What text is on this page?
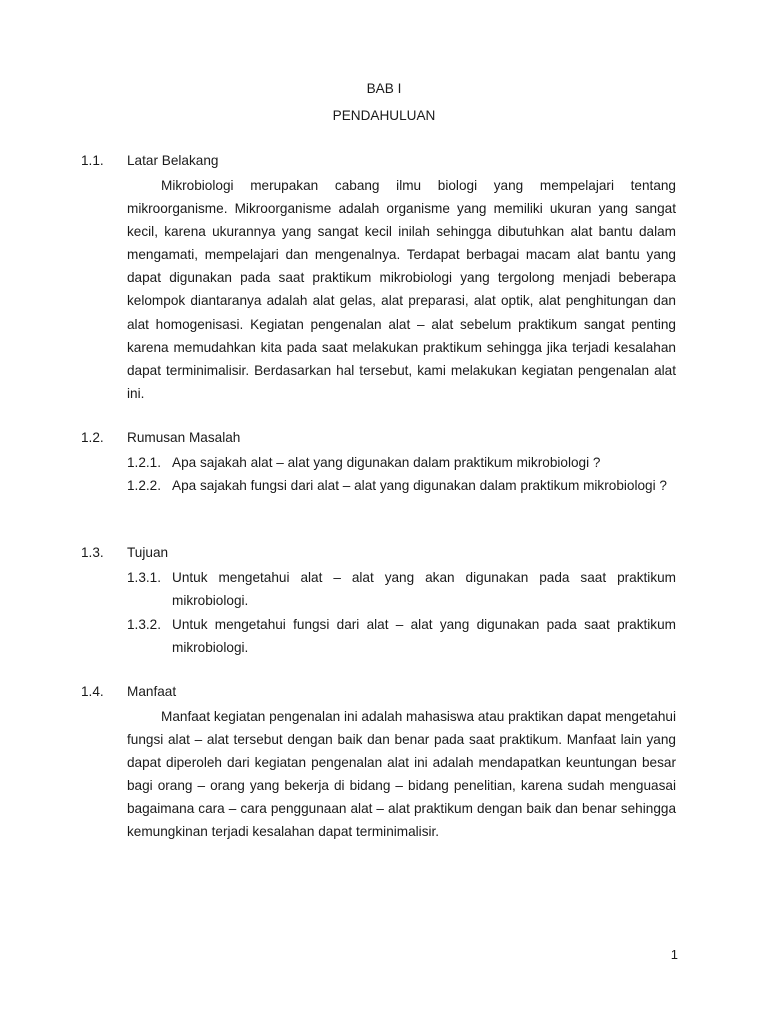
BAB I
PENDAHULUAN
1.1. Latar Belakang
Mikrobiologi merupakan cabang ilmu biologi yang mempelajari tentang mikroorganisme. Mikroorganisme adalah organisme yang memiliki ukuran yang sangat kecil, karena ukurannya yang sangat kecil inilah sehingga dibutuhkan alat bantu dalam mengamati, mempelajari dan mengenalnya. Terdapat berbagai macam alat bantu yang dapat digunakan pada saat praktikum mikrobiologi yang tergolong menjadi beberapa kelompok diantaranya adalah alat gelas, alat preparasi, alat optik, alat penghitungan dan alat homogenisasi. Kegiatan pengenalan alat – alat sebelum praktikum sangat penting karena memudahkan kita pada saat melakukan praktikum sehingga jika terjadi kesalahan dapat terminimalisir. Berdasarkan hal tersebut, kami melakukan kegiatan pengenalan alat ini.
1.2. Rumusan Masalah
1.2.1. Apa sajakah alat – alat yang digunakan dalam praktikum mikrobiologi ?
1.2.2. Apa sajakah fungsi dari alat – alat yang digunakan dalam praktikum mikrobiologi ?
1.3. Tujuan
1.3.1. Untuk mengetahui alat – alat yang akan digunakan pada saat praktikum mikrobiologi.
1.3.2. Untuk mengetahui fungsi dari alat – alat yang digunakan pada saat praktikum mikrobiologi.
1.4. Manfaat
Manfaat kegiatan pengenalan ini adalah mahasiswa atau praktikan dapat mengetahui fungsi alat – alat tersebut dengan baik dan benar pada saat praktikum. Manfaat lain yang dapat diperoleh dari kegiatan pengenalan alat ini adalah mendapatkan keuntungan besar bagi orang – orang yang bekerja di bidang – bidang penelitian, karena sudah menguasai bagaimana cara – cara penggunaan alat – alat praktikum dengan baik dan benar sehingga kemungkinan terjadi kesalahan dapat terminimalisir.
1
